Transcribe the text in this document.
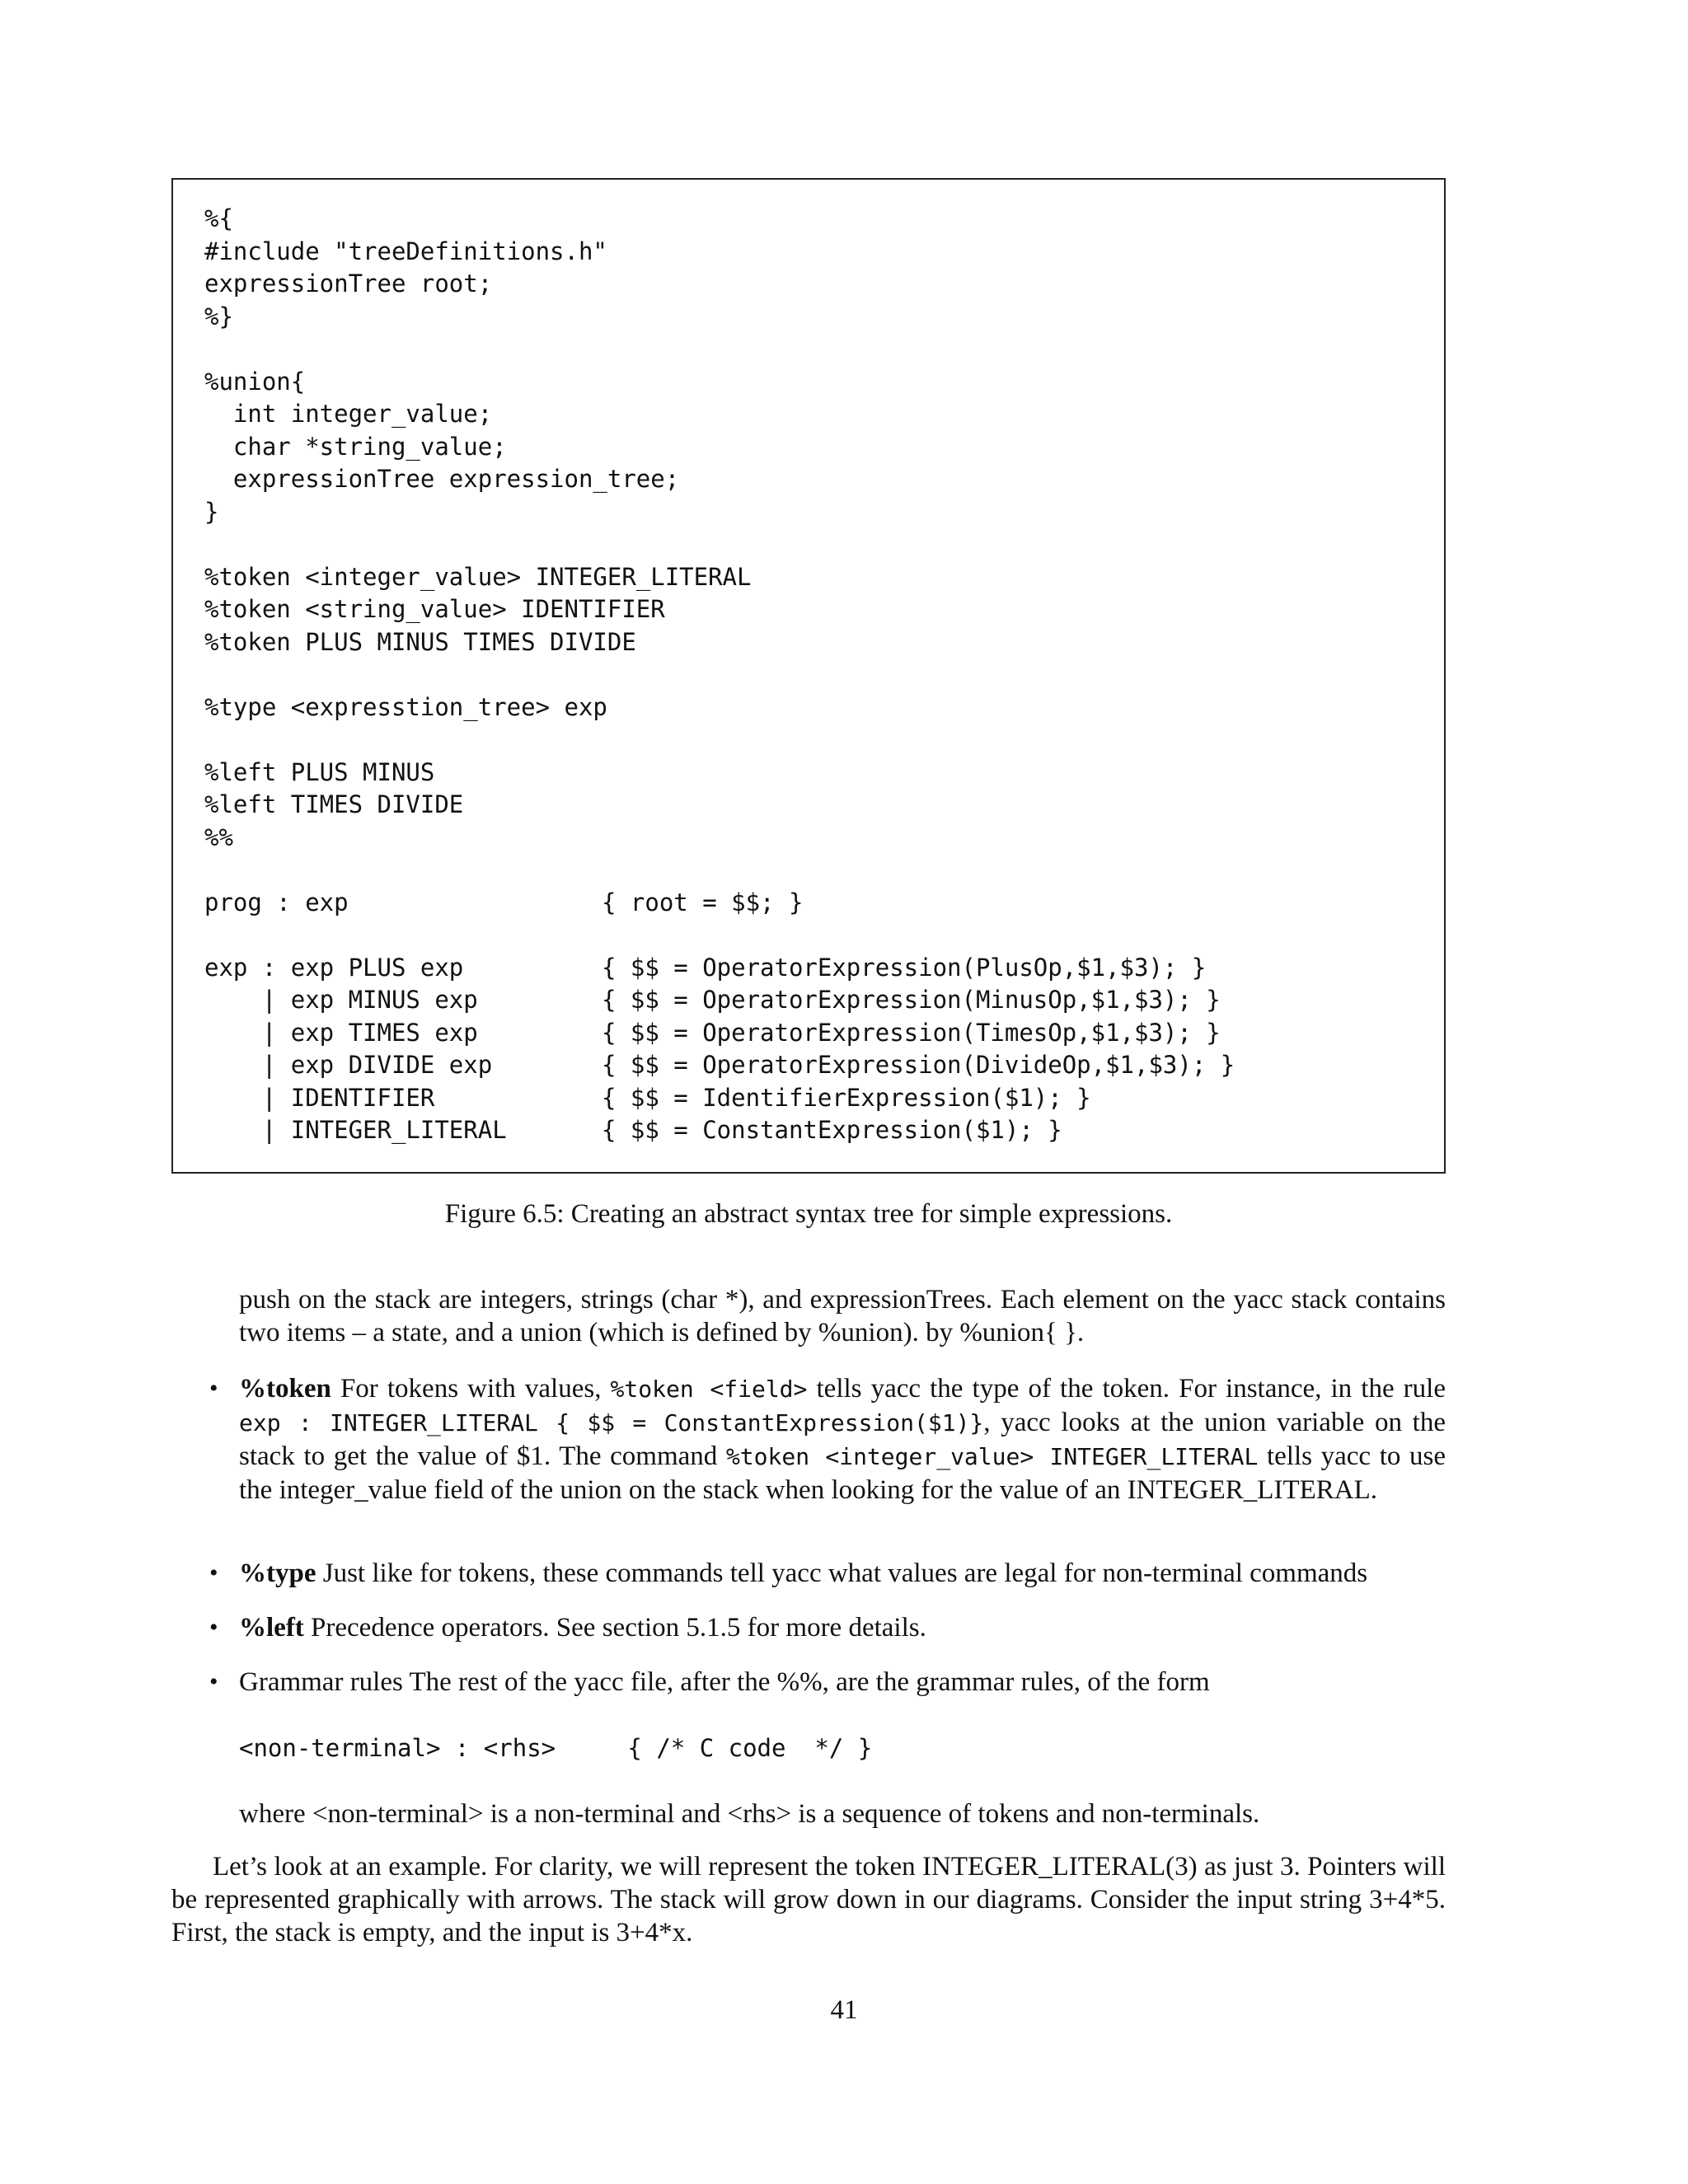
%{
#include "treeDefinitions.h"
expressionTree root;
%}
%union{
int integer_value;
char *string_value;
expressionTree expression_tree;
}
%token <integer_value> INTEGER_LITERAL
%token <string_value> IDENTIFIER
%token PLUS MINUS TIMES DIVIDE
%type <expresstion_tree> exp
%left PLUS MINUS
%left TIMES DIVIDE
%%
prog : exp	{ root = $$; }
exp : exp PLUS exp	{ $$ = OperatorExpression(PlusOp,$1,$3); }
| exp MINUS exp	{ $$ = OperatorExpression(MinusOp,$1,$3); }
| exp TIMES exp	{ $$ = OperatorExpression(TimesOp,$1,$3); }
| exp DIVIDE exp	{ $$ = OperatorExpression(DivideOp,$1,$3); }
| IDENTIFIER	{ $$ = IdentifierExpression($1); }
| INTEGER_LITERAL	{ $$ = ConstantExpression($1); }
Figure 6.5: Creating an abstract syntax tree for simple expressions.

push on the stack are integers, strings (char *), and expressionTrees. Each element on the yacc stack contains two items – a state, and a union (which is defined by %union). by %union{ }.

• %token For tokens with values, %token <field> tells yacc the type of the token. For instance, in the rule exp : INTEGER_LITERAL { $$ = ConstantExpression($1)}, yacc looks at the union variable on the stack to get the value of $1. The command %token <integer_value> INTEGER_LITERAL tells yacc to use the integer_value field of the union on the stack when looking for the value of an INTEGER_LITERAL.

• %type Just like for tokens, these commands tell yacc what values are legal for non-terminal commands

• %left Precedence operators. See section 5.1.5 for more details.

• Grammar rules The rest of the yacc file, after the %%, are the grammar rules, of the form

<non-terminal> : <rhs>     { /* C code  */ }
where <non-terminal> is a non-terminal and <rhs> is a sequence of tokens and non-terminals.

Let’s look at an example. For clarity, we will represent the token INTEGER_LITERAL(3) as just 3. Pointers will be represented graphically with arrows. The stack will grow down in our diagrams. Consider the input string 3+4*5. First, the stack is empty, and the input is 3+4*x.

41
